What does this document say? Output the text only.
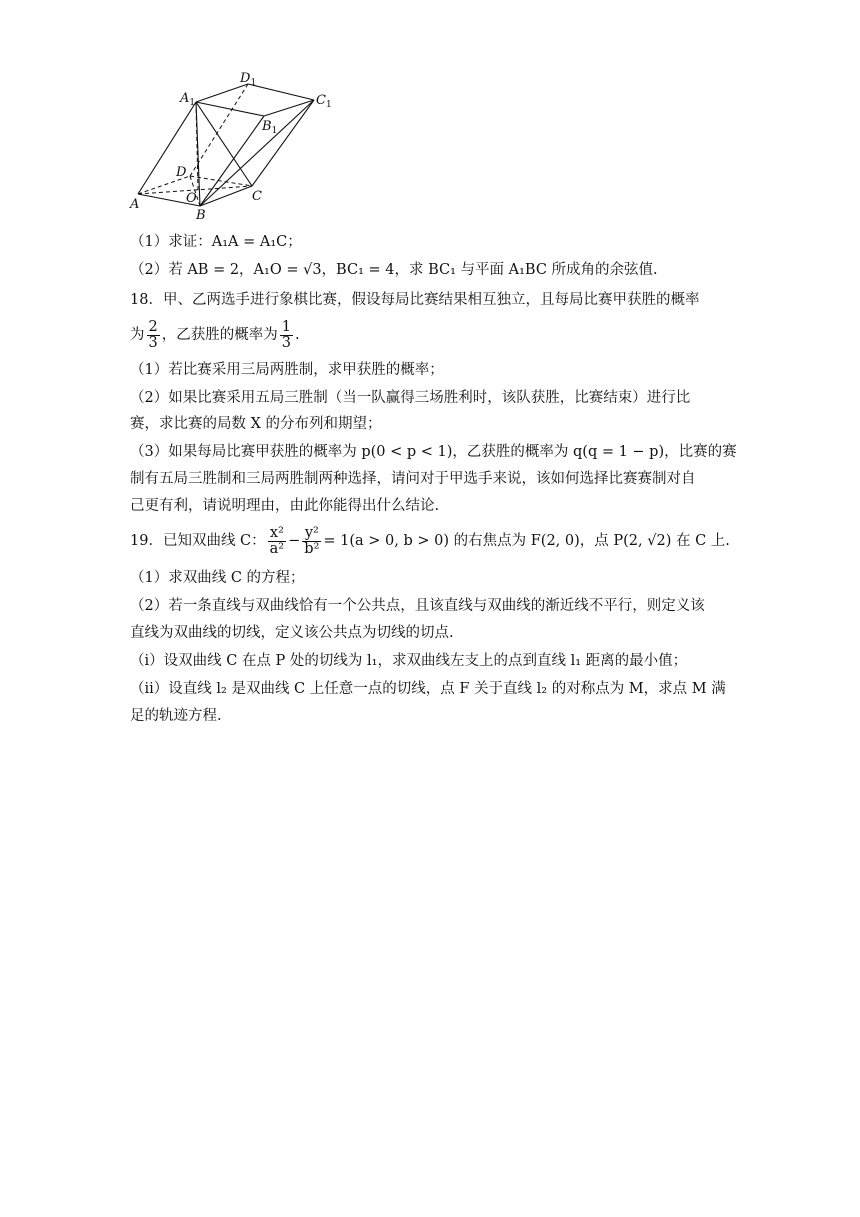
$D_1$
$A_1$	$C_1$
$B_1$
D
O	C
A
B
（1）求证：A₁A = A₁C；
（2）若 AB = 2，A₁O = √3，BC₁ = 4，求 BC₁ 与平面 A₁BC 所成角的余弦值.
18．甲、乙两选手进行象棋比赛，假设每局比赛结果相互独立，且每局比赛甲获胜的概率
为 $\frac{2}{3}$ ，乙获胜的概率为 $\frac{1}{3}$ .
（1）若比赛采用三局两胜制，求甲获胜的概率；
（2）如果比赛采用五局三胜制（当一队赢得三场胜利时，该队获胜，比赛结束）进行比
赛，求比赛的局数 X 的分布列和期望；
（3）如果每局比赛甲获胜的概率为 p(0 < p < 1)，乙获胜的概率为 q(q = 1 − p)，比赛的赛
制有五局三胜制和三局两胜制两种选择，请问对于甲选手来说，该如何选择比赛赛制对自
己更有利，请说明理由，由此你能得出什么结论.
19．已知双曲线 C： $\frac{\text{x²}}{\text{a²}} - \frac{\text{y²}}{\text{b²}} = 1(a > 0$, b > 0) 的右焦点为 F(2, 0)，点 P(2, √2) 在 C 上.
（1）求双曲线 C 的方程；
（2）若一条直线与双曲线恰有一个公共点，且该直线与双曲线的渐近线不平行，则定义该
直线为双曲线的切线，定义该公共点为切线的切点.
（ⅰ）设双曲线 C 在点 P 处的切线为 l₁，求双曲线左支上的点到直线 l₁ 距离的最小值；
（ⅱ）设直线 l₂ 是双曲线 C 上任意一点的切线，点 F 关于直线 l₂ 的对称点为 M，求点 M 满
足的轨迹方程.
